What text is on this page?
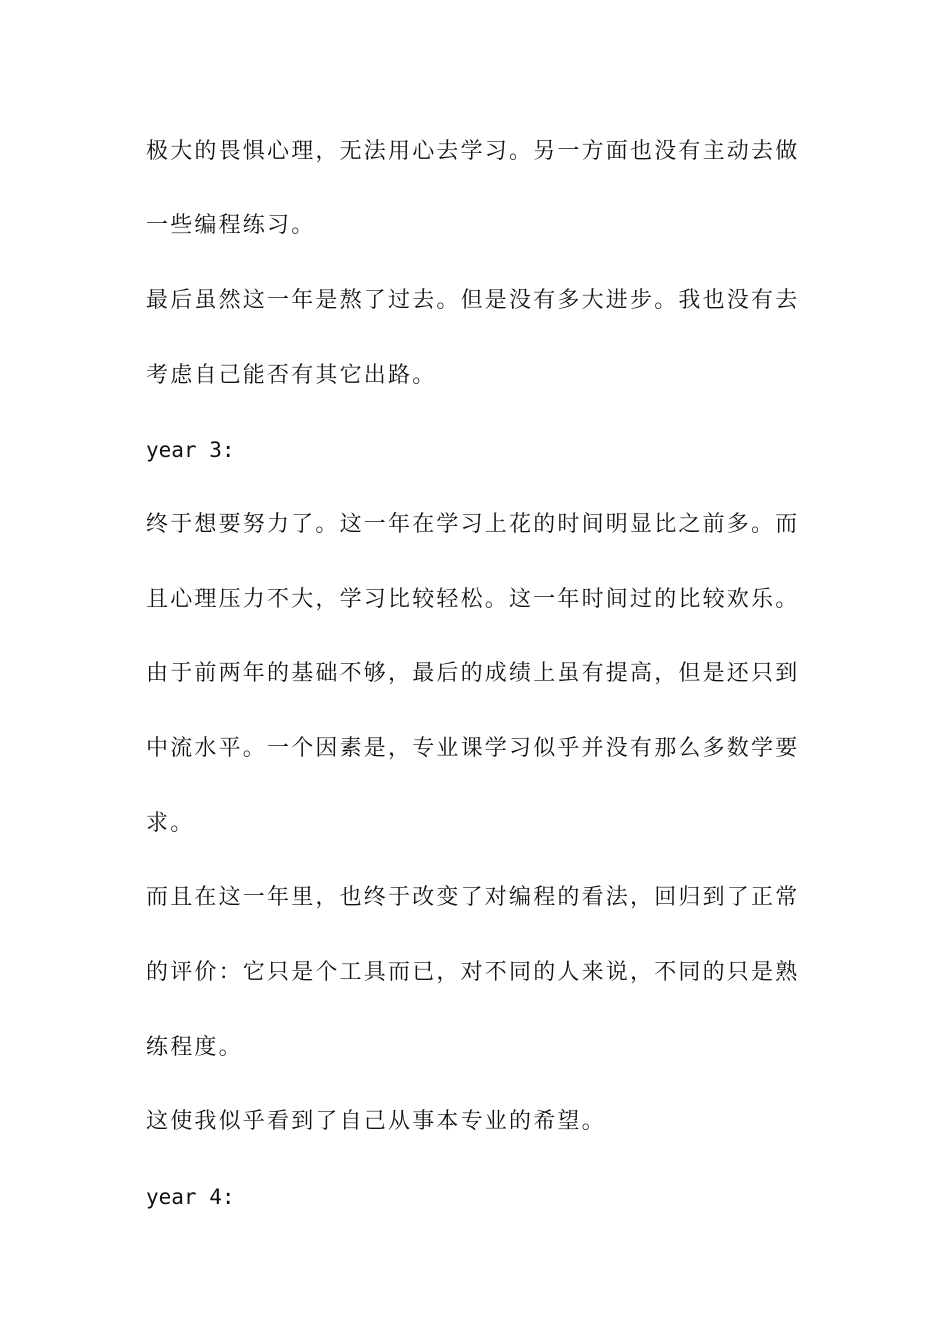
极大的畏惧心理，无法用心去学习。另一方面也没有主动去做
一些编程练习。
最后虽然这一年是熬了过去。但是没有多大进步。我也没有去
考虑自己能否有其它出路。
year 3:
终于想要努力了。这一年在学习上花的时间明显比之前多。而
且心理压力不大，学习比较轻松。这一年时间过的比较欢乐。
由于前两年的基础不够，最后的成绩上虽有提高，但是还只到
中流水平。一个因素是，专业课学习似乎并没有那么多数学要
求。
而且在这一年里，也终于改变了对编程的看法，回归到了正常
的评价：它只是个工具而已，对不同的人来说，不同的只是熟
练程度。
这使我似乎看到了自己从事本专业的希望。
year 4:
